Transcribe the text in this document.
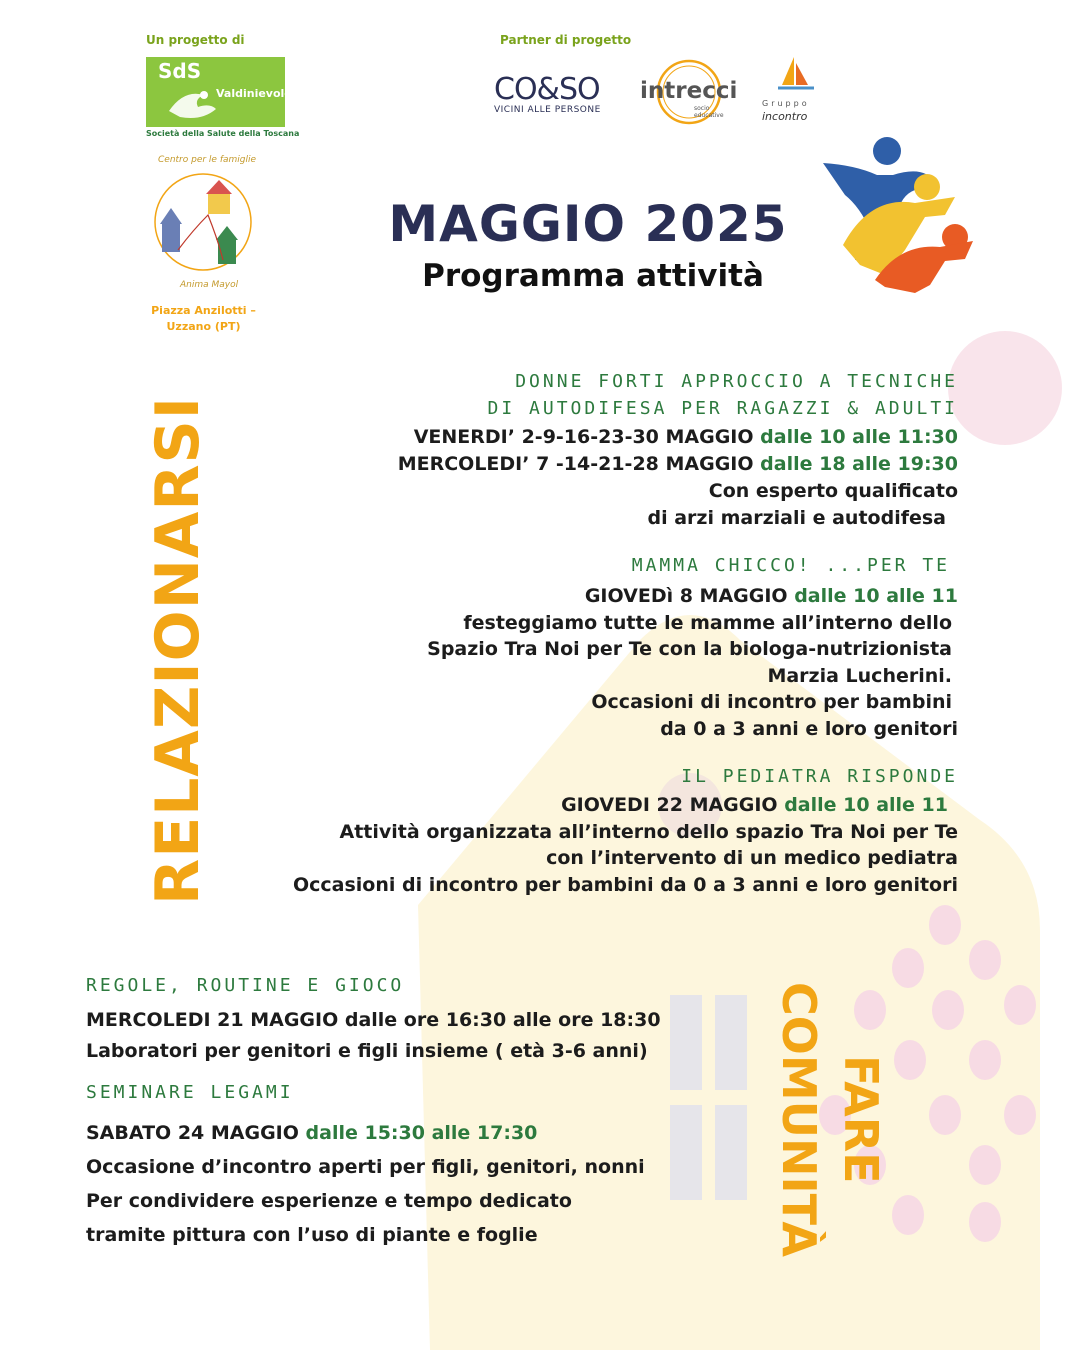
Un progetto di	Partner di progetto
SdS
Valdinievole
Società della Salute della Toscana
CO&SO
VICINI ALLE PERSONE
intrecci
socio educative
Gruppo
incontro
Centro per le famiglie
Anima Mayol
Piazza Anzilotti –
Uzzano (PT)
MAGGIO 2025
Programma attività
RELAZIONARSI
FARE
COMUNITÀ
DONNE FORTI APPROCCIO A TECNICHE
DI AUTODIFESA PER RAGAZZI & ADULTI
VENERDI’ 2-9-16-23-30 MAGGIO dalle 10 alle 11:30
MERCOLEDI’ 7 -14-21-28 MAGGIO dalle 18 alle 19:30
Con esperto qualificato
di arzi marziali e autodifesa
MAMMA CHICCO! ...PER TE
GIOVEDì 8 MAGGIO dalle 10 alle 11
festeggiamo tutte le mamme all’interno dello
Spazio Tra Noi per Te con la biologa-nutrizionista
Marzia Lucherini.
Occasioni di incontro per bambini
da 0 a 3 anni e loro genitori
IL PEDIATRA RISPONDE
GIOVEDI 22 MAGGIO dalle 10 alle 11
Attività organizzata all’interno dello spazio Tra Noi per Te
con l’intervento di un medico pediatra
Occasioni di incontro per bambini da 0 a 3 anni e loro genitori
REGOLE, ROUTINE E GIOCO
MERCOLEDI 21 MAGGIO dalle ore 16:30 alle ore 18:30
Laboratori per genitori e figli insieme ( età 3-6 anni)
SEMINARE LEGAMI
SABATO 24 MAGGIO dalle 15:30 alle 17:30
Occasione d’incontro aperti per figli, genitori, nonni
Per condividere esperienze e tempo dedicato
tramite pittura con l’uso di piante e foglie
